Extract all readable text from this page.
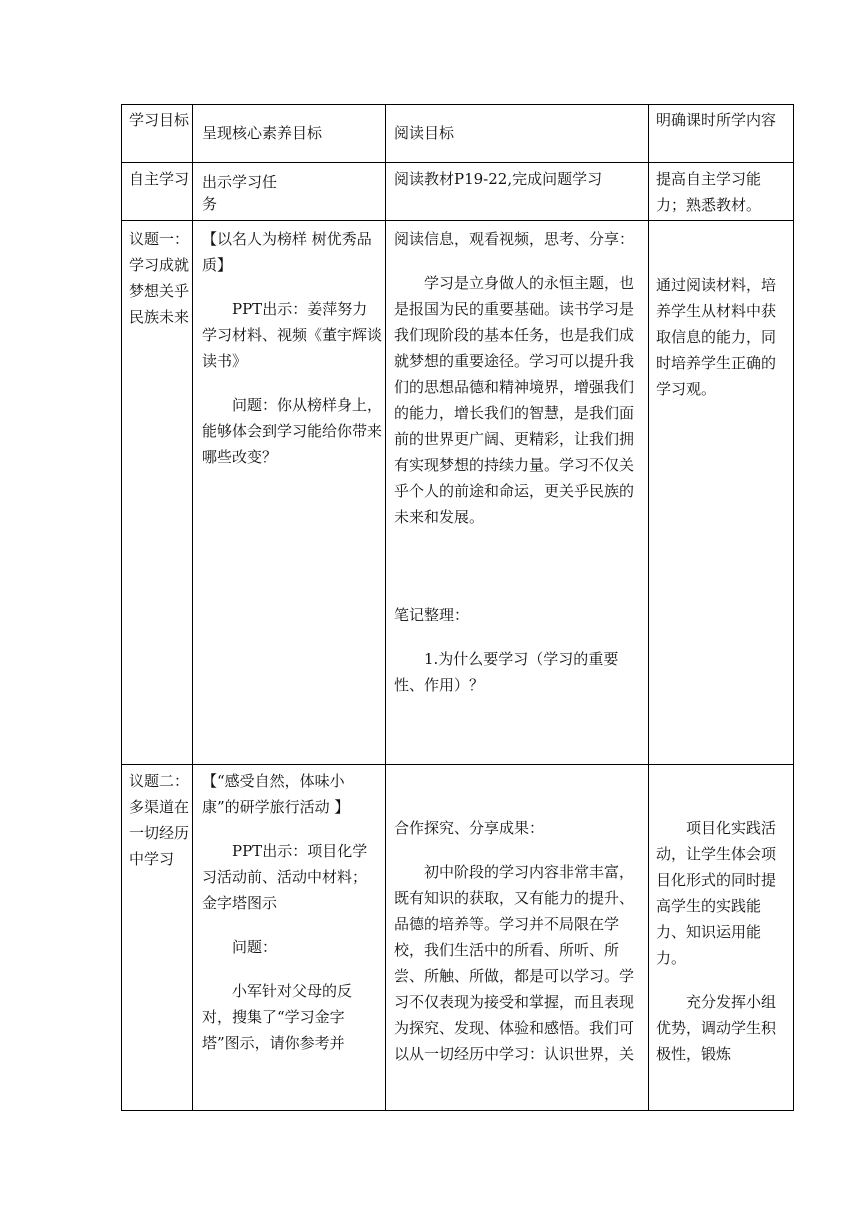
学习目标
呈现核心素养目标	阅读目标
明确课时所学内容
自主学习 出示学习任务
阅读教材P19-22,完成问题学习	提高自主学习能力；熟悉教材。
议题一：学习成就梦想关乎民族未来

【以名人为榜样 树优秀品质】

PPT出示：姜萍努力学习材料、视频《董宇辉谈读书》

问题：你从榜样身上，能够体会到学习能给你带来哪些改变？

阅读信息，观看视频，思考、分享：

学习是立身做人的永恒主题，也是报国为民的重要基础。读书学习是我们现阶段的基本任务，也是我们成就梦想的重要途径。学习可以提升我们的思想品德和精神境界，增强我们的能力，增长我们的智慧，是我们面前的世界更广阔、更精彩，让我们拥有实现梦想的持续力量。学习不仅关乎个人的前途和命运，更关乎民族的未来和发展。

笔记整理：

1.为什么要学习（学习的重要性、作用）？

通过阅读材料，培养学生从材料中获取信息的能力，同时培养学生正确的学习观。
议题二：多渠道在一切经历中学习

【“感受自然，体味小康”的研学旅行活动 】

PPT出示：项目化学习活动前、活动中材料；金字塔图示

问题：

小军针对父母的反对，搜集了“学习金字塔”图示，请你参考并

合作探究、分享成果：

初中阶段的学习内容非常丰富，既有知识的获取，又有能力的提升、品德的培养等。学习并不局限在学校，我们生活中的所看、所听、所尝、所触、所做，都是可以学习。学习不仅表现为接受和掌握，而且表现为探究、发现、体验和感悟。我们可以从一切经历中学习：认识世界，关

项目化实践活动，让学生体会项目化形式的同时提高学生的实践能力、知识运用能力。

充分发挥小组优势，调动学生积极性，锻炼
